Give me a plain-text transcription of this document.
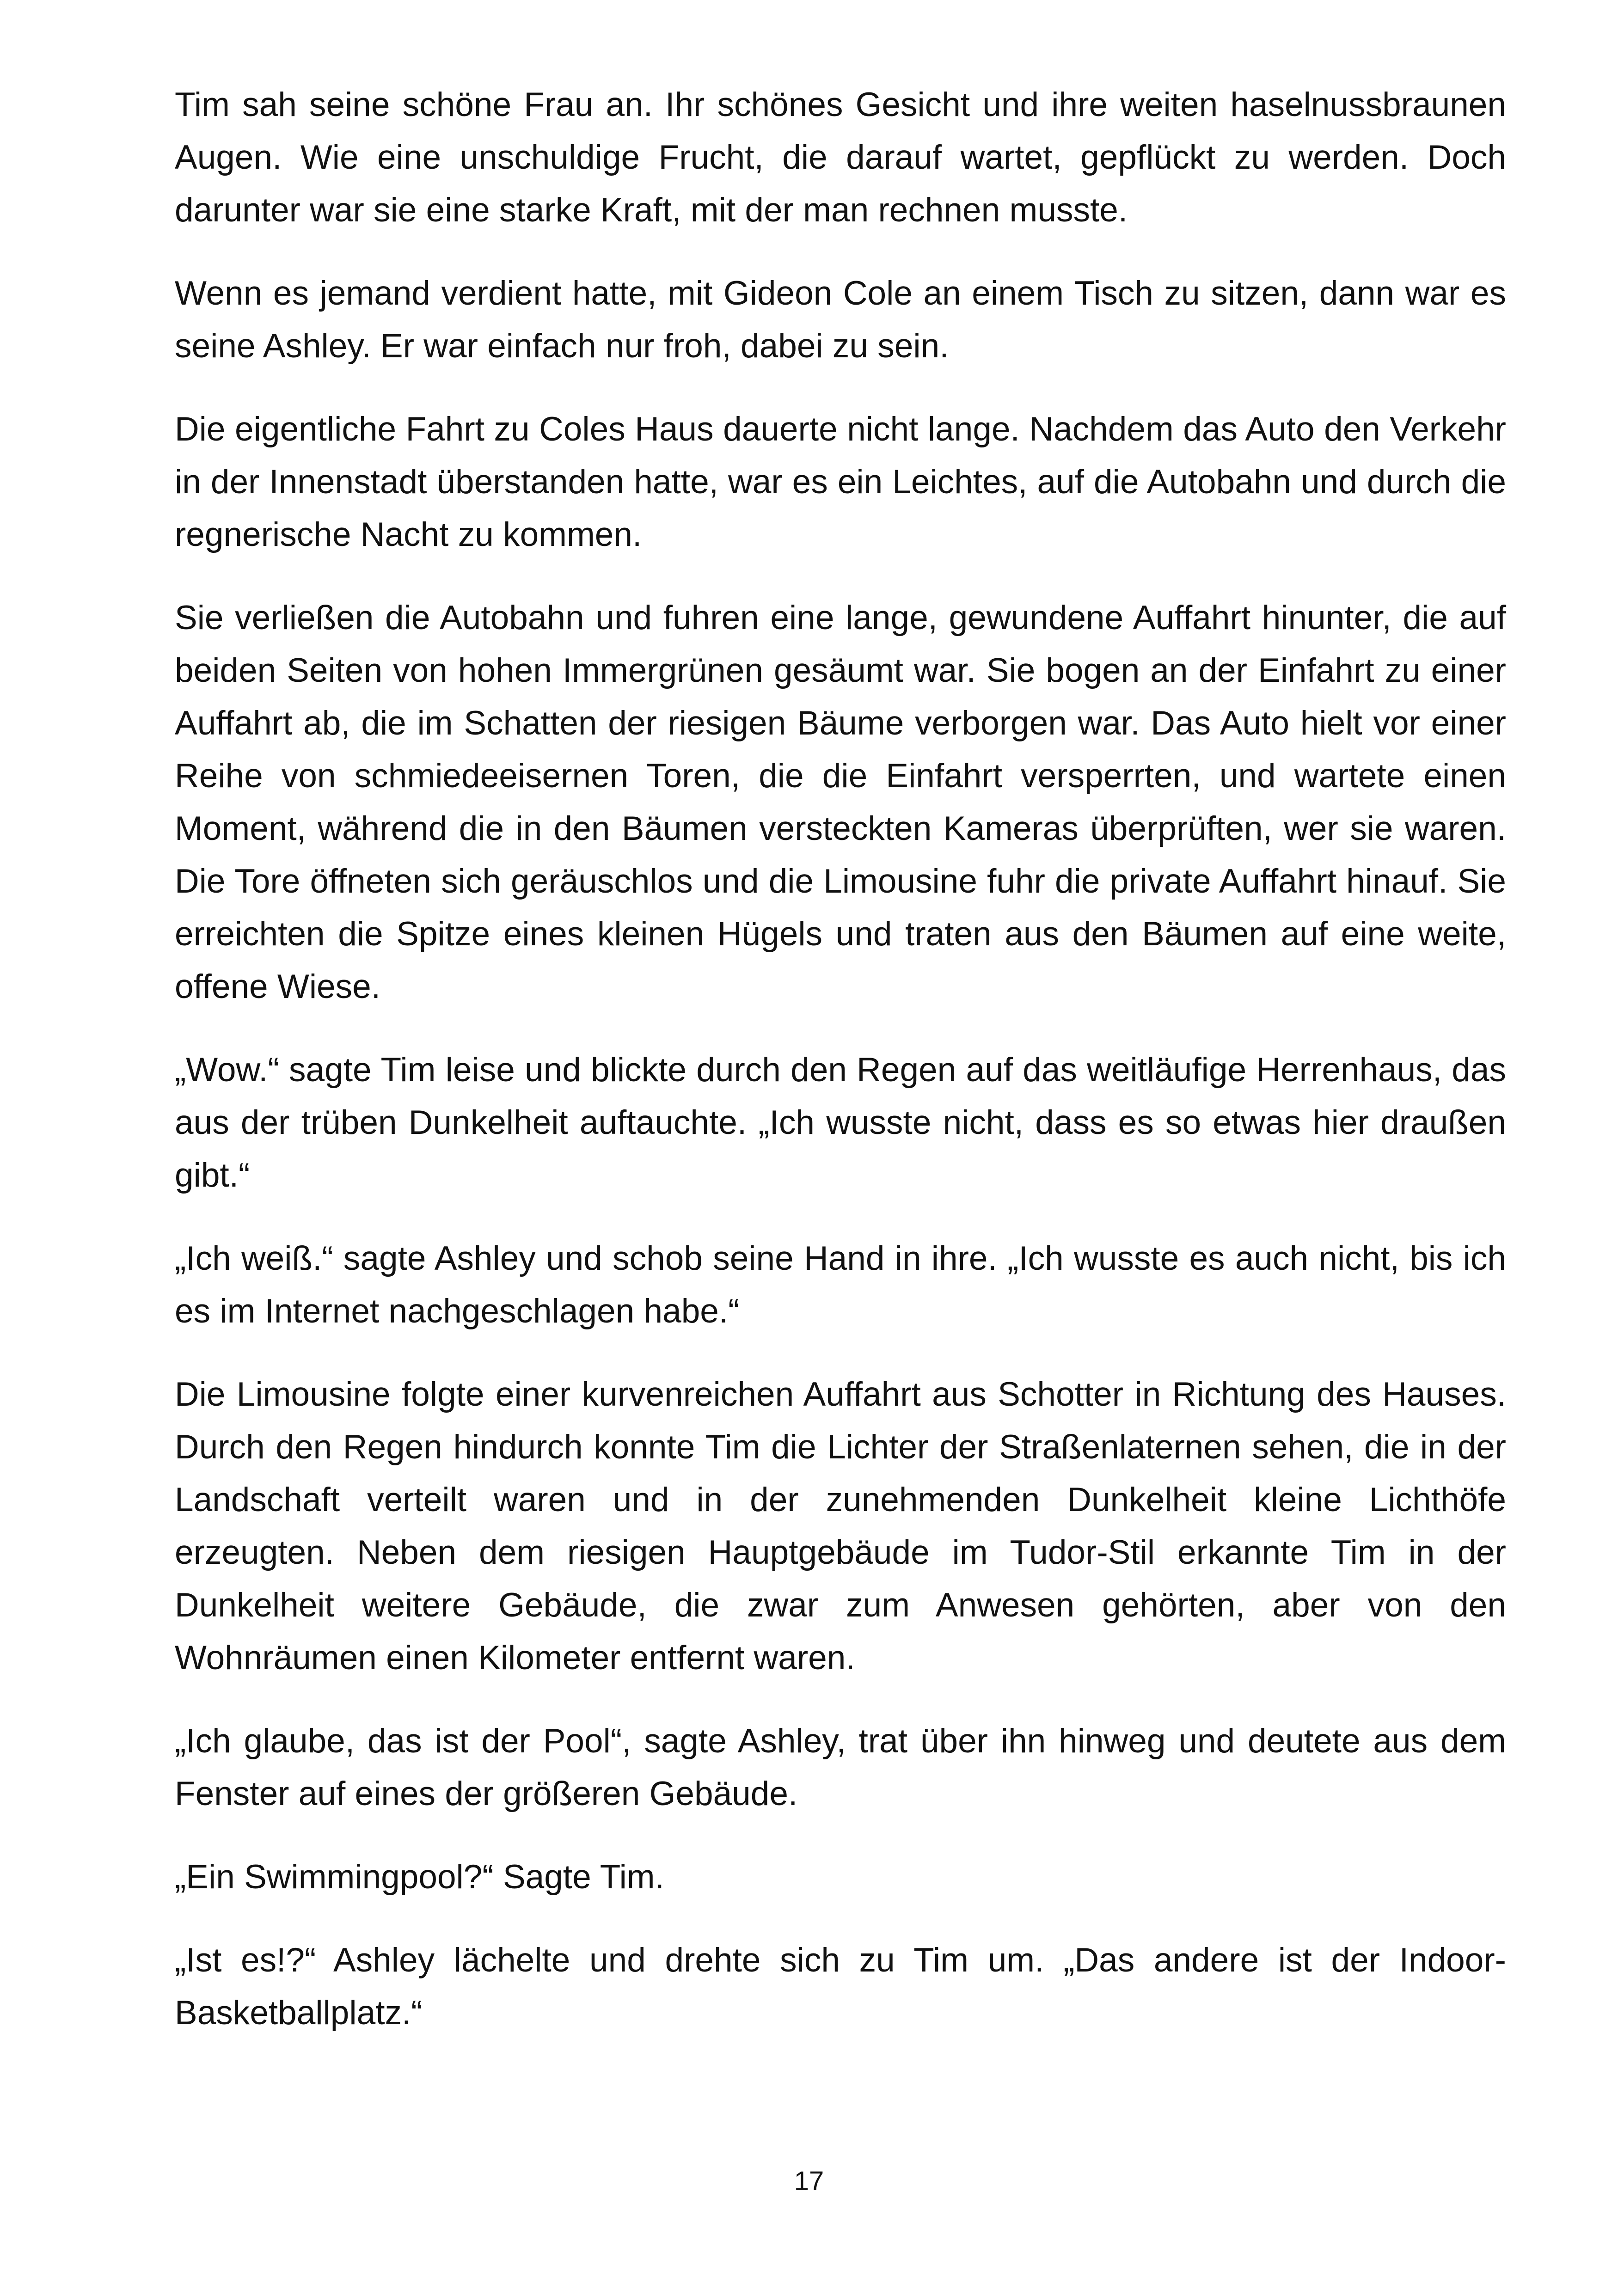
Tim sah seine schöne Frau an. Ihr schönes Gesicht und ihre weiten haselnussbraunen Augen. Wie eine unschuldige Frucht, die darauf wartet, gepflückt zu werden. Doch darunter war sie eine starke Kraft, mit der man rechnen musste.

Wenn es jemand verdient hatte, mit Gideon Cole an einem Tisch zu sitzen, dann war es seine Ashley. Er war einfach nur froh, dabei zu sein.

Die eigentliche Fahrt zu Coles Haus dauerte nicht lange. Nachdem das Auto den Verkehr in der Innenstadt überstanden hatte, war es ein Leichtes, auf die Autobahn und durch die regnerische Nacht zu kommen.

Sie verließen die Autobahn und fuhren eine lange, gewundene Auffahrt hinunter, die auf beiden Seiten von hohen Immergrünen gesäumt war. Sie bogen an der Einfahrt zu einer Auffahrt ab, die im Schatten der riesigen Bäume verborgen war. Das Auto hielt vor einer Reihe von schmiedeeisernen Toren, die die Einfahrt versperrten, und wartete einen Moment, während die in den Bäumen versteckten Kameras überprüften, wer sie waren. Die Tore öffneten sich geräuschlos und die Limousine fuhr die private Auffahrt hinauf. Sie erreichten die Spitze eines kleinen Hügels und traten aus den Bäumen auf eine weite, offene Wiese.

„Wow.“ sagte Tim leise und blickte durch den Regen auf das weitläufige Herrenhaus, das aus der trüben Dunkelheit auftauchte. „Ich wusste nicht, dass es so etwas hier draußen gibt.“

„Ich weiß.“ sagte Ashley und schob seine Hand in ihre. „Ich wusste es auch nicht, bis ich es im Internet nachgeschlagen habe.“

Die Limousine folgte einer kurvenreichen Auffahrt aus Schotter in Richtung des Hauses. Durch den Regen hindurch konnte Tim die Lichter der Straßenlaternen sehen, die in der Landschaft verteilt waren und in der zunehmenden Dunkelheit kleine Lichthöfe erzeugten. Neben dem riesigen Hauptgebäude im Tudor-Stil erkannte Tim in der Dunkelheit weitere Gebäude, die zwar zum Anwesen gehörten, aber von den Wohnräumen einen Kilometer entfernt waren.

„Ich glaube, das ist der Pool“, sagte Ashley, trat über ihn hinweg und deutete aus dem Fenster auf eines der größeren Gebäude.

„Ein Swimmingpool?“ Sagte Tim.

„Ist es!?“ Ashley lächelte und drehte sich zu Tim um. „Das andere ist der Indoor-Basketballplatz.“

17
